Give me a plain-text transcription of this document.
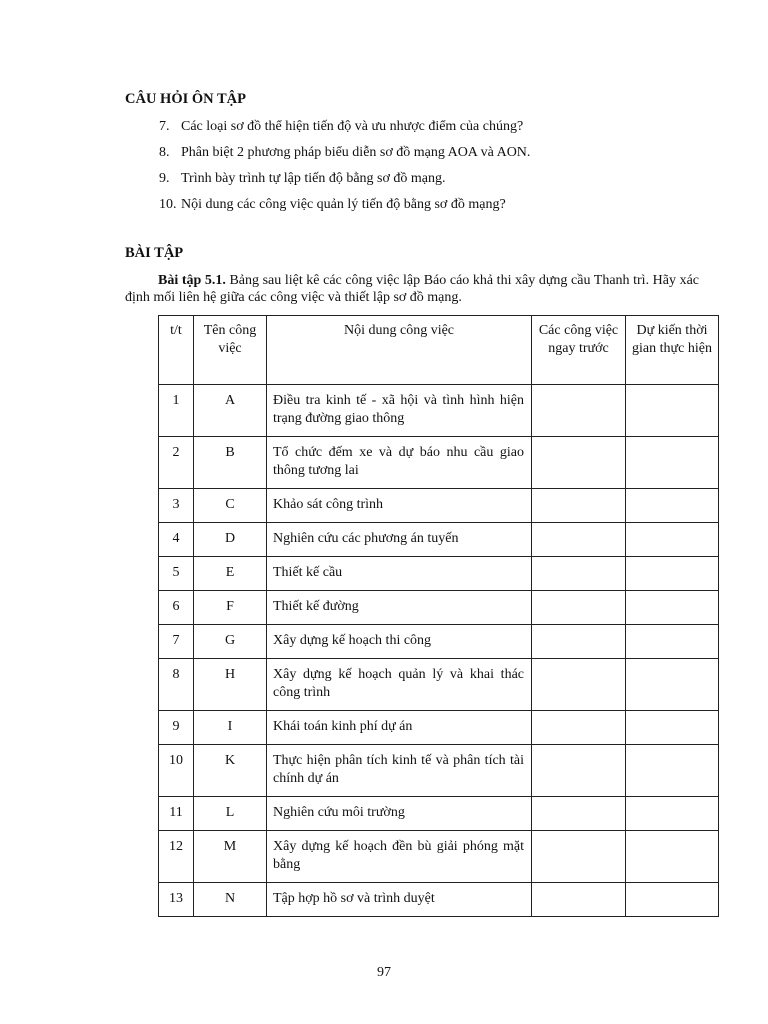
CÂU HỎI ÔN TẬP
7. Các loại sơ đồ thể hiện tiến độ và ưu nhược điểm của chúng?
8. Phân biệt 2 phương pháp biểu diễn sơ đồ mạng AOA và AON.
9. Trình bày trình tự lập tiến độ bằng sơ đồ mạng.
10. Nội dung các công việc quản lý tiến độ bằng sơ đồ mạng?
BÀI TẬP
Bài tập 5.1. Bảng sau liệt kê các công việc lập Báo cáo khả thi xây dựng cầu Thanh trì. Hãy xác định mối liên hệ giữa các công việc và thiết lập sơ đồ mạng.
t/t	Tên công việc	Nội dung công việc	Các công việc ngay trước	Dự kiến thời gian thực hiện

1	A	Điều tra kinh tế - xã hội và tình hình hiện trạng đường giao thông		
2	B	Tổ chức đếm xe và dự báo nhu cầu giao thông tương lai		
3	C	Khảo sát công trình		
4	D	Nghiên cứu các phương án tuyến		
5	E	Thiết kế cầu		
6	F	Thiết kế đường		
7	G	Xây dựng kế hoạch thi công		
8	H	Xây dựng kế hoạch quản lý và khai thác công trình		
9	I	Khái toán kinh phí dự án		
10	K	Thực hiện phân tích kinh tế và phân tích tài chính dự án		
11	L	Nghiên cứu môi trường		
12	M	Xây dựng kế hoạch đền bù giải phóng mặt bằng		
13	N	Tập hợp hồ sơ và trình duyệt		
97
